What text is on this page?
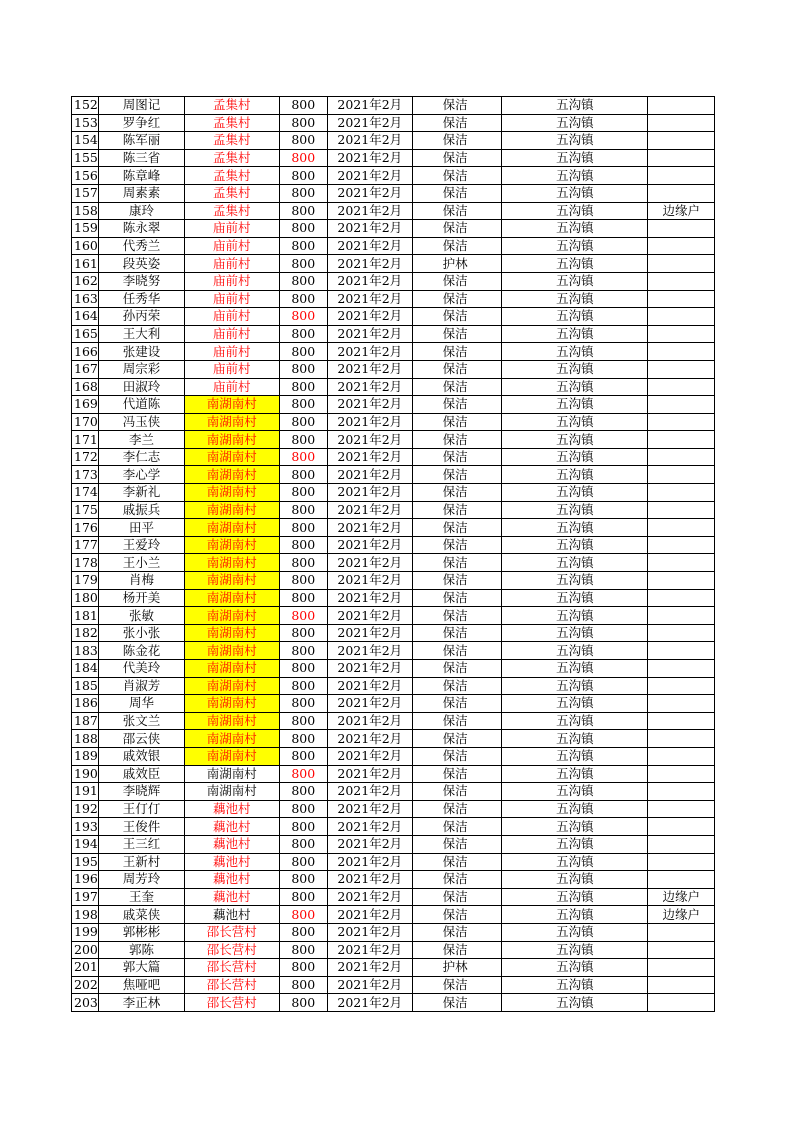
152	周图记	孟集村	800	2021年2月	保洁	五沟镇	
153	罗争红	孟集村	800	2021年2月	保洁	五沟镇	
154	陈军丽	孟集村	800	2021年2月	保洁	五沟镇	
155	陈三省	孟集村	800	2021年2月	保洁	五沟镇	
156	陈章峰	孟集村	800	2021年2月	保洁	五沟镇	
157	周素素	孟集村	800	2021年2月	保洁	五沟镇	
158	康玲	孟集村	800	2021年2月	保洁	五沟镇	边缘户
159	陈永翠	庙前村	800	2021年2月	保洁	五沟镇	
160	代秀兰	庙前村	800	2021年2月	保洁	五沟镇	
161	段英姿	庙前村	800	2021年2月	护林	五沟镇	
162	李晓努	庙前村	800	2021年2月	保洁	五沟镇	
163	任秀华	庙前村	800	2021年2月	保洁	五沟镇	
164	孙丙荣	庙前村	800	2021年2月	保洁	五沟镇	
165	王大利	庙前村	800	2021年2月	保洁	五沟镇	
166	张建设	庙前村	800	2021年2月	保洁	五沟镇	
167	周宗彩	庙前村	800	2021年2月	保洁	五沟镇	
168	田淑玲	庙前村	800	2021年2月	保洁	五沟镇	
169	代道陈	南湖南村	800	2021年2月	保洁	五沟镇	
170	冯玉侠	南湖南村	800	2021年2月	保洁	五沟镇	
171	李兰	南湖南村	800	2021年2月	保洁	五沟镇	
172	李仁志	南湖南村	800	2021年2月	保洁	五沟镇	
173	李心学	南湖南村	800	2021年2月	保洁	五沟镇	
174	李新礼	南湖南村	800	2021年2月	保洁	五沟镇	
175	戚振兵	南湖南村	800	2021年2月	保洁	五沟镇	
176	田平	南湖南村	800	2021年2月	保洁	五沟镇	
177	王爱玲	南湖南村	800	2021年2月	保洁	五沟镇	
178	王小兰	南湖南村	800	2021年2月	保洁	五沟镇	
179	肖梅	南湖南村	800	2021年2月	保洁	五沟镇	
180	杨开美	南湖南村	800	2021年2月	保洁	五沟镇	
181	张敏	南湖南村	800	2021年2月	保洁	五沟镇	
182	张小张	南湖南村	800	2021年2月	保洁	五沟镇	
183	陈金花	南湖南村	800	2021年2月	保洁	五沟镇	
184	代美玲	南湖南村	800	2021年2月	保洁	五沟镇	
185	肖淑芳	南湖南村	800	2021年2月	保洁	五沟镇	
186	周华	南湖南村	800	2021年2月	保洁	五沟镇	
187	张文兰	南湖南村	800	2021年2月	保洁	五沟镇	
188	邵云侠	南湖南村	800	2021年2月	保洁	五沟镇	
189	戚效银	南湖南村	800	2021年2月	保洁	五沟镇	
190	戚效臣	南湖南村	800	2021年2月	保洁	五沟镇	
191	李晓辉	南湖南村	800	2021年2月	保洁	五沟镇	
192	王仃仃	藕池村	800	2021年2月	保洁	五沟镇	
193	王俊件	藕池村	800	2021年2月	保洁	五沟镇	
194	王三红	藕池村	800	2021年2月	保洁	五沟镇	
195	王新村	藕池村	800	2021年2月	保洁	五沟镇	
196	周芳玲	藕池村	800	2021年2月	保洁	五沟镇	
197	王奎	藕池村	800	2021年2月	保洁	五沟镇	边缘户
198	戚菜侠	藕池村	800	2021年2月	保洁	五沟镇	边缘户
199	郭彬彬	邵长营村	800	2021年2月	保洁	五沟镇	
200	郭陈	邵长营村	800	2021年2月	保洁	五沟镇	
201	郭大篇	邵长营村	800	2021年2月	护林	五沟镇	
202	焦哑吧	邵长营村	800	2021年2月	保洁	五沟镇	
203	李正林	邵长营村	800	2021年2月	保洁	五沟镇	
